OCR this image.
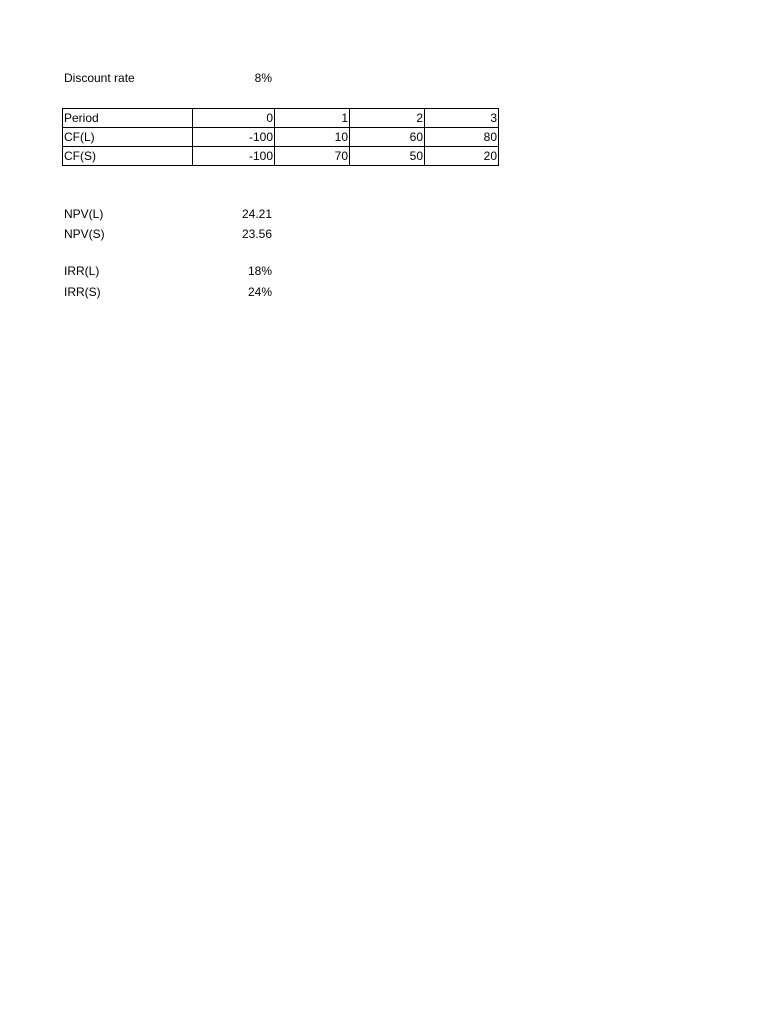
Discount rate	8%
Period	0	1	2	3
CF(L)	-100	10	60	80
CF(S)	-100	70	50	20
NPV(L)	24.21
NPV(S)	23.56
IRR(L)	18%
IRR(S)	24%
